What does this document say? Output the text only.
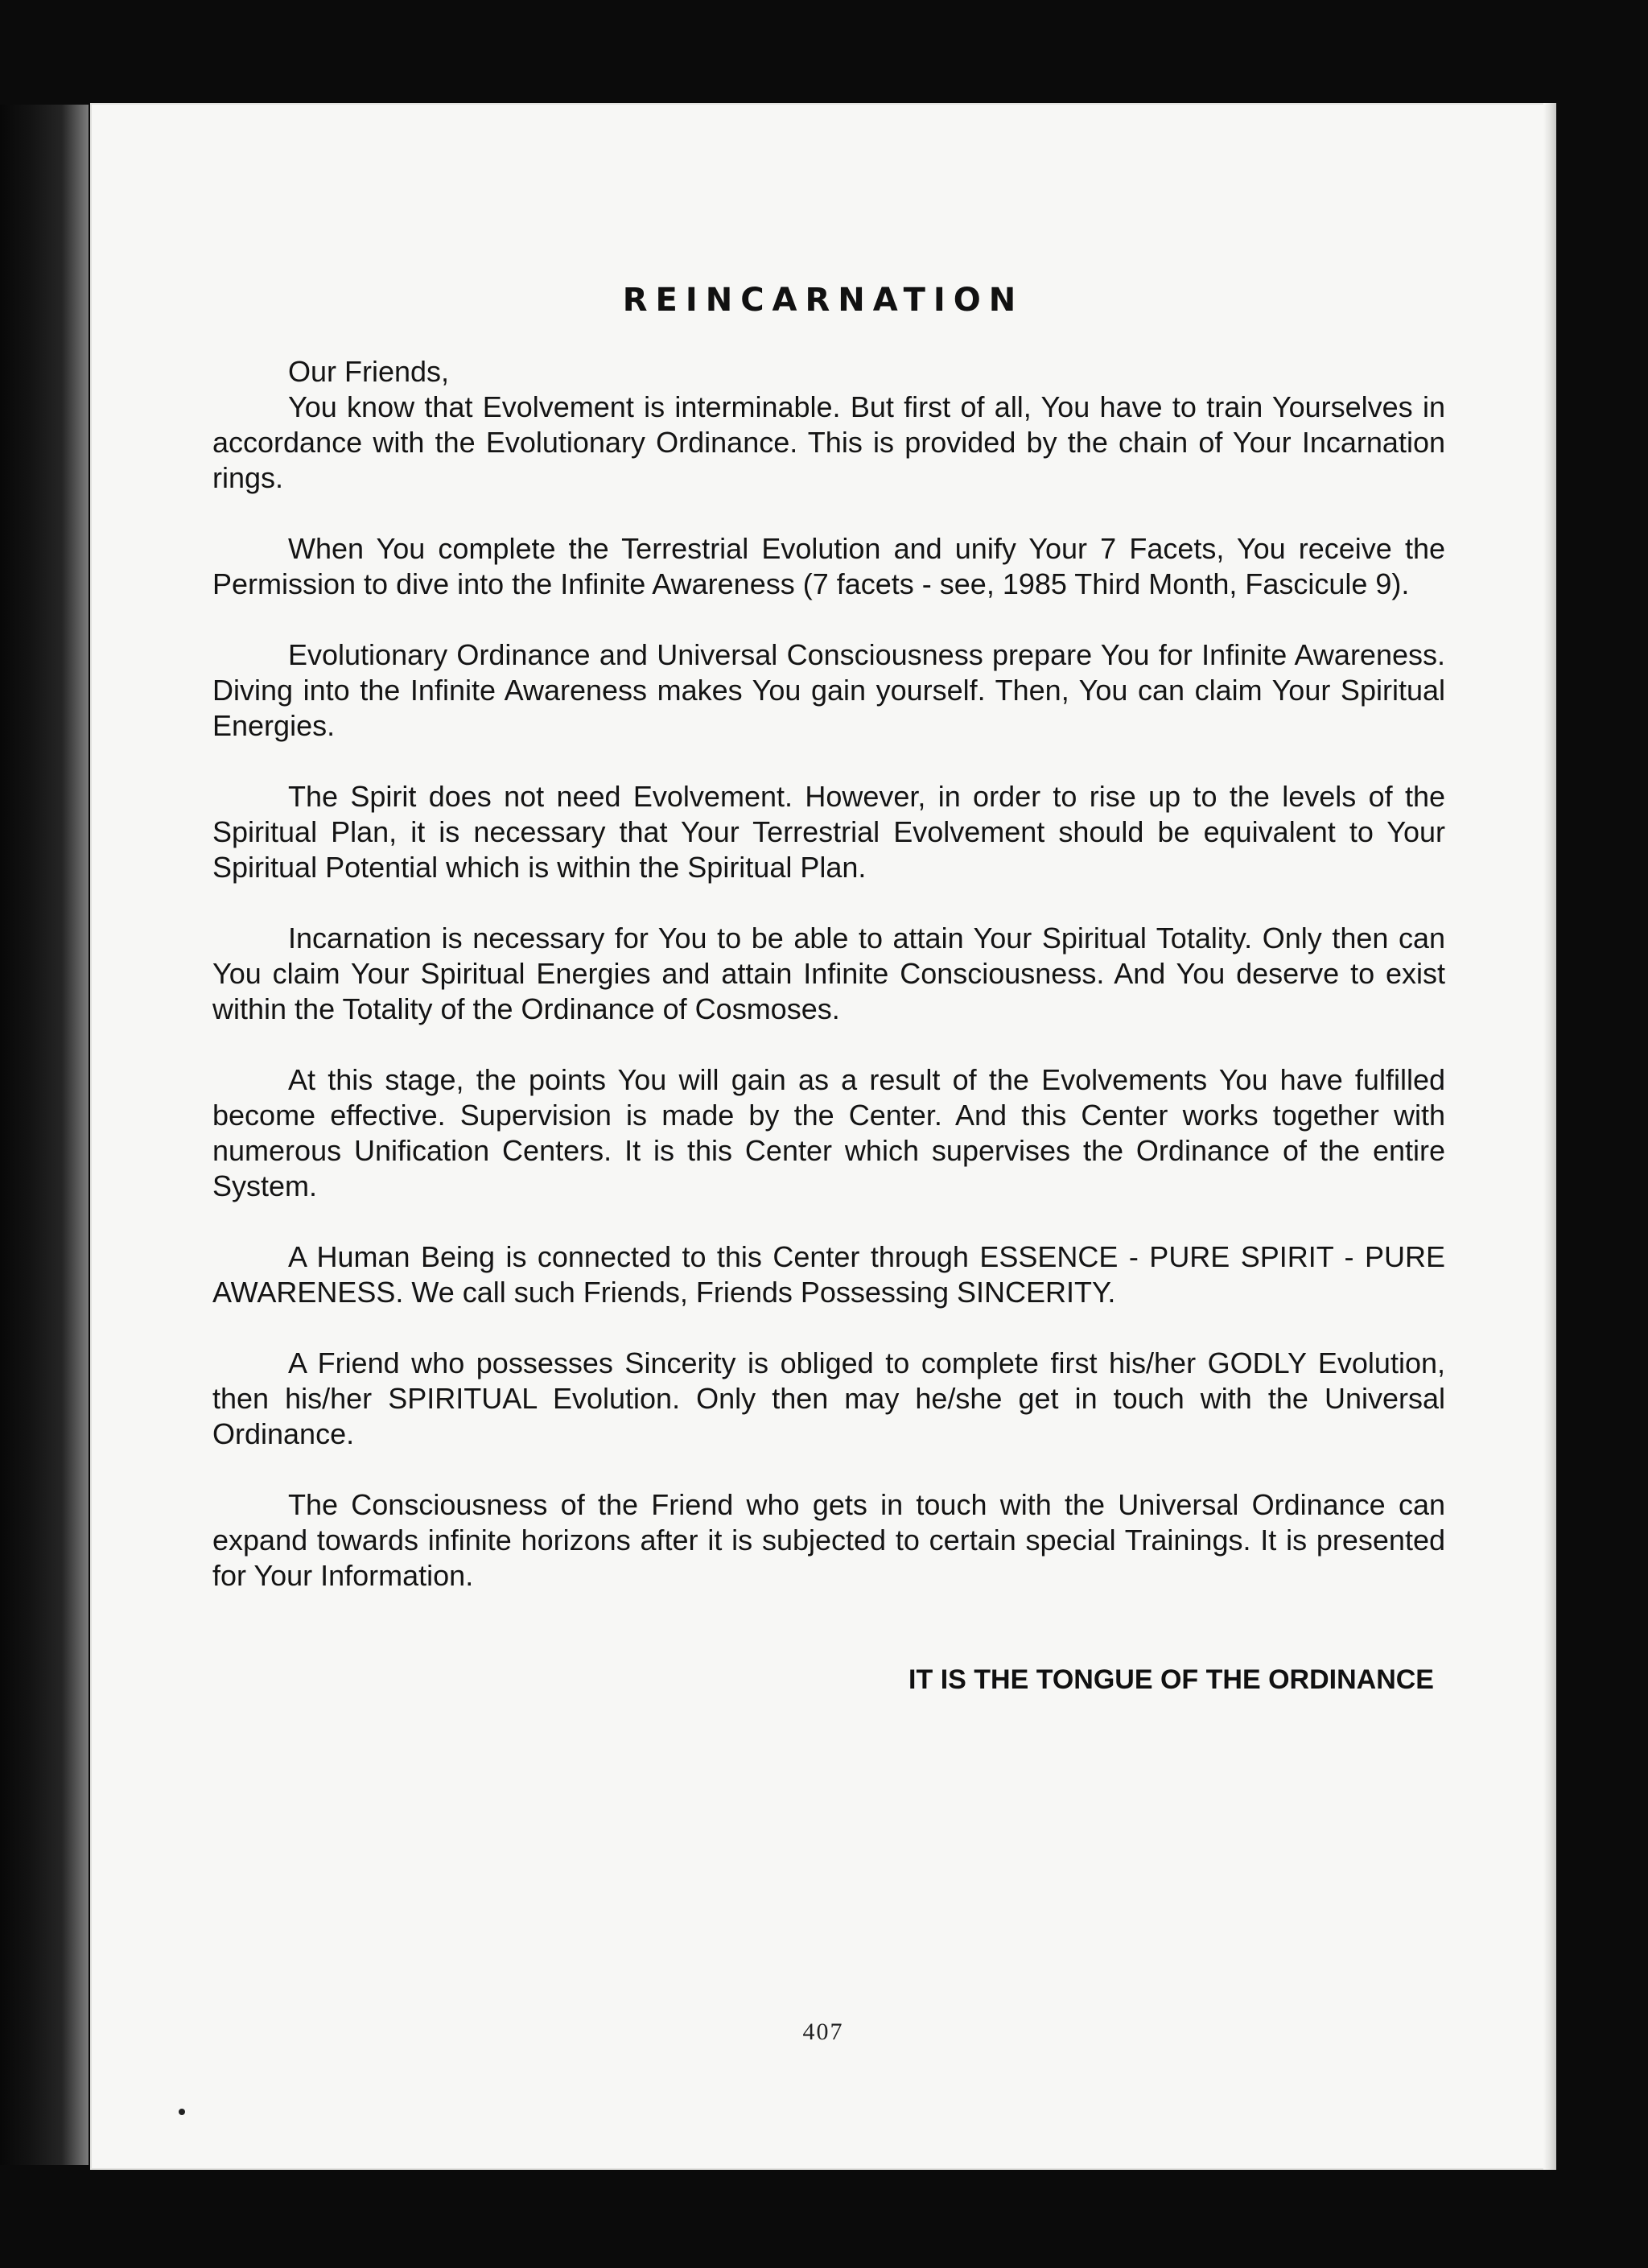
REINCARNATION

Our Friends,

You know that Evolvement is interminable. But first of all, You have to train Yourselves in accordance with the Evolutionary Ordinance. This is provided by the chain of Your Incarnation rings.

When You complete the Terrestrial Evolution and unify Your 7 Facets, You receive the Permission to dive into the Infinite Awareness (7 facets - see, 1985 Third Month, Fascicule 9).

Evolutionary Ordinance and Universal Consciousness prepare You for Infinite Awareness. Diving into the Infinite Awareness makes You gain yourself. Then, You can claim Your Spiritual Energies.

The Spirit does not need Evolvement. However, in order to rise up to the levels of the Spiritual Plan, it is necessary that Your Terrestrial Evolvement should be equivalent to Your Spiritual Potential which is within the Spiritual Plan.

Incarnation is necessary for You to be able to attain Your Spiritual Totality. Only then can You claim Your Spiritual Energies and attain Infinite Consciousness. And You deserve to exist within the Totality of the Ordinance of Cosmoses.

At this stage, the points You will gain as a result of the Evolvements You have fulfilled become effective. Supervision is made by the Center. And this Center works together with numerous Unification Centers. It is this Center which supervises the Ordinance of the entire System.

A Human Being is connected to this Center through ESSENCE - PURE SPIRIT - PURE AWARENESS. We call such Friends, Friends Possessing SINCERITY.

A Friend who possesses Sincerity is obliged to complete first his/her GODLY Evolution, then his/her SPIRITUAL Evolution. Only then may he/she get in touch with the Universal Ordinance.

The Consciousness of the Friend who gets in touch with the Universal Ordinance can expand towards infinite horizons after it is subjected to certain special Trainings. It is presented for Your Information.

IT IS THE TONGUE OF THE ORDINANCE
407
